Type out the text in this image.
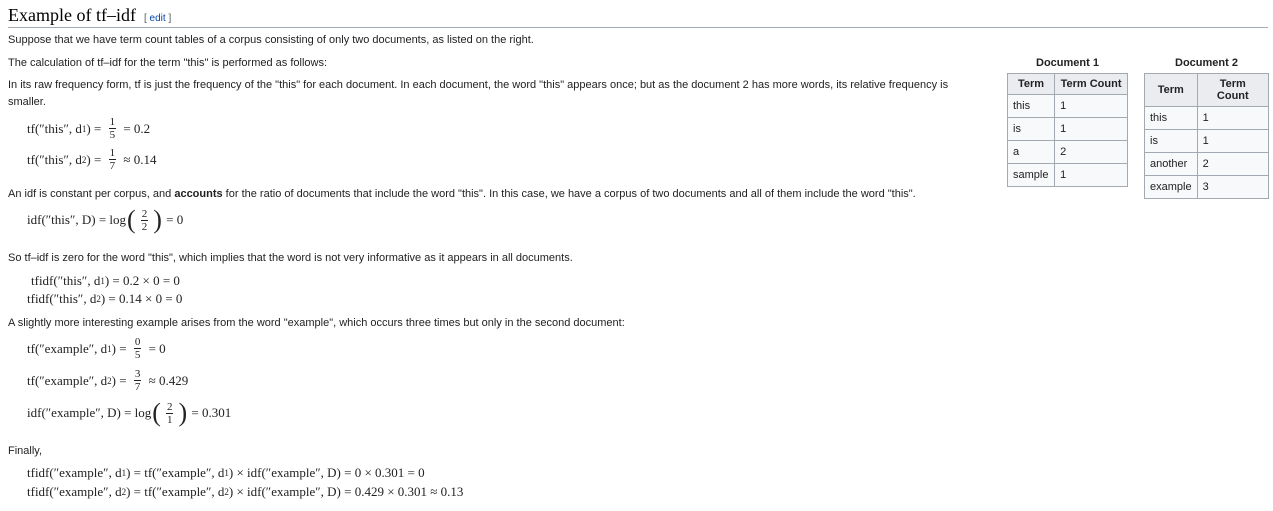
Example of tf–idf [ edit ]
Suppose that we have term count tables of a corpus consisting of only two documents, as listed on the right.
The calculation of tf–idf for the term "this" is performed as follows:
In its raw frequency form, tf is just the frequency of the "this" for each document. In each document, the word "this" appears once; but as the document 2 has more words, its relative frequency is smaller.
tf(″this″, d 1 ) = $\frac{1}{5} = 0.2$
tf(″this″, d 2 ) = $\frac{1}{7} \approx 0.14$
An idf is constant per corpus, and accounts for the ratio of documents that include the word "this". In this case, we have a corpus of two documents and all of them include the word "this".
idf(″this″, D) = log ( $\frac{2}{2}$ ) = 0
So tf–idf is zero for the word "this", which implies that the word is not very informative as it appears in all documents.
tfidf(″this″, d 1 ) = 0.2 × 0 = 0
tfidf(″this″, d 2 ) = 0.14 × 0 = 0
A slightly more interesting example arises from the word "example", which occurs three times but only in the second document:
tf(″example″, d 1 ) = $\frac{0}{5} = 0$
tf(″example″, d 2 ) = $\frac{3}{7} \approx 0.429$
idf(″example″, D) = log ( $\frac{2}{1}$ ) = 0.301
Finally,
tfidf(″example″, d 1 ) = tf(″example″, d 1 ) × idf(″example″, D) = 0 × 0.301 = 0
tfidf(″example″, d 2 ) = tf(″example″, d 2 ) × idf(″example″, D) = 0.429 × 0.301 ≈ 0.13
Document 1
Term	Term Count
this	1
is	1
a	2
sample	1
Document 2
Term	Term Count
this	1
is	1
another	2
example	3
